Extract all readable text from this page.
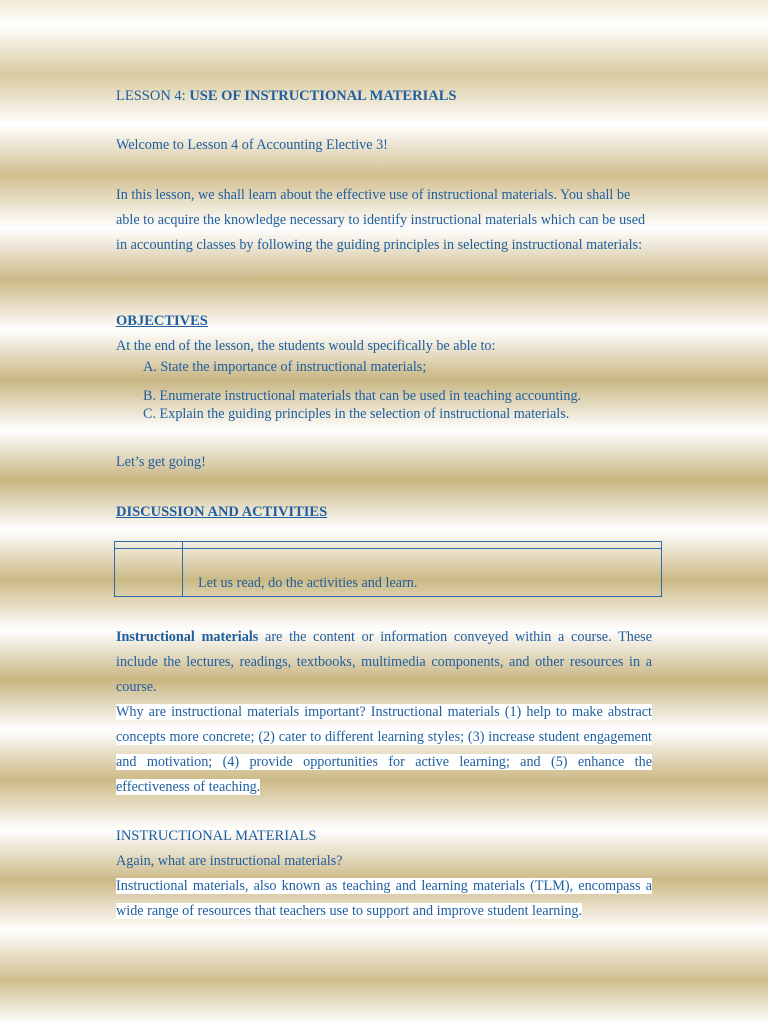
LESSON 4: USE OF INSTRUCTIONAL MATERIALS

Welcome to Lesson 4 of Accounting Elective 3!

In this lesson, we shall learn about the effective use of instructional materials. You shall be able to acquire the knowledge necessary to identify instructional materials which can be used in accounting classes by following the guiding principles in selecting instructional materials:

OBJECTIVES

At the end of the lesson, the students would specifically be able to:

A. State the importance of instructional materials;
B. Enumerate instructional materials that can be used in teaching accounting.
C. Explain the guiding principles in the selection of instructional materials.

Let’s get going!

DISCUSSION AND ACTIVITIES

Let us read, do the activities and learn.

Instructional materials are the content or information conveyed within a course. These include the lectures, readings, textbooks, multimedia components, and other resources in a course.

Why are instructional materials important? Instructional materials (1) help to make abstract concepts more concrete; (2) cater to different learning styles; (3) increase student engagement and motivation; (4) provide opportunities for active learning; and (5) enhance the effectiveness of teaching.

INSTRUCTIONAL MATERIALS

Again, what are instructional materials?

Instructional materials, also known as teaching and learning materials (TLM), encompass a wide range of resources that teachers use to support and improve student learning.
